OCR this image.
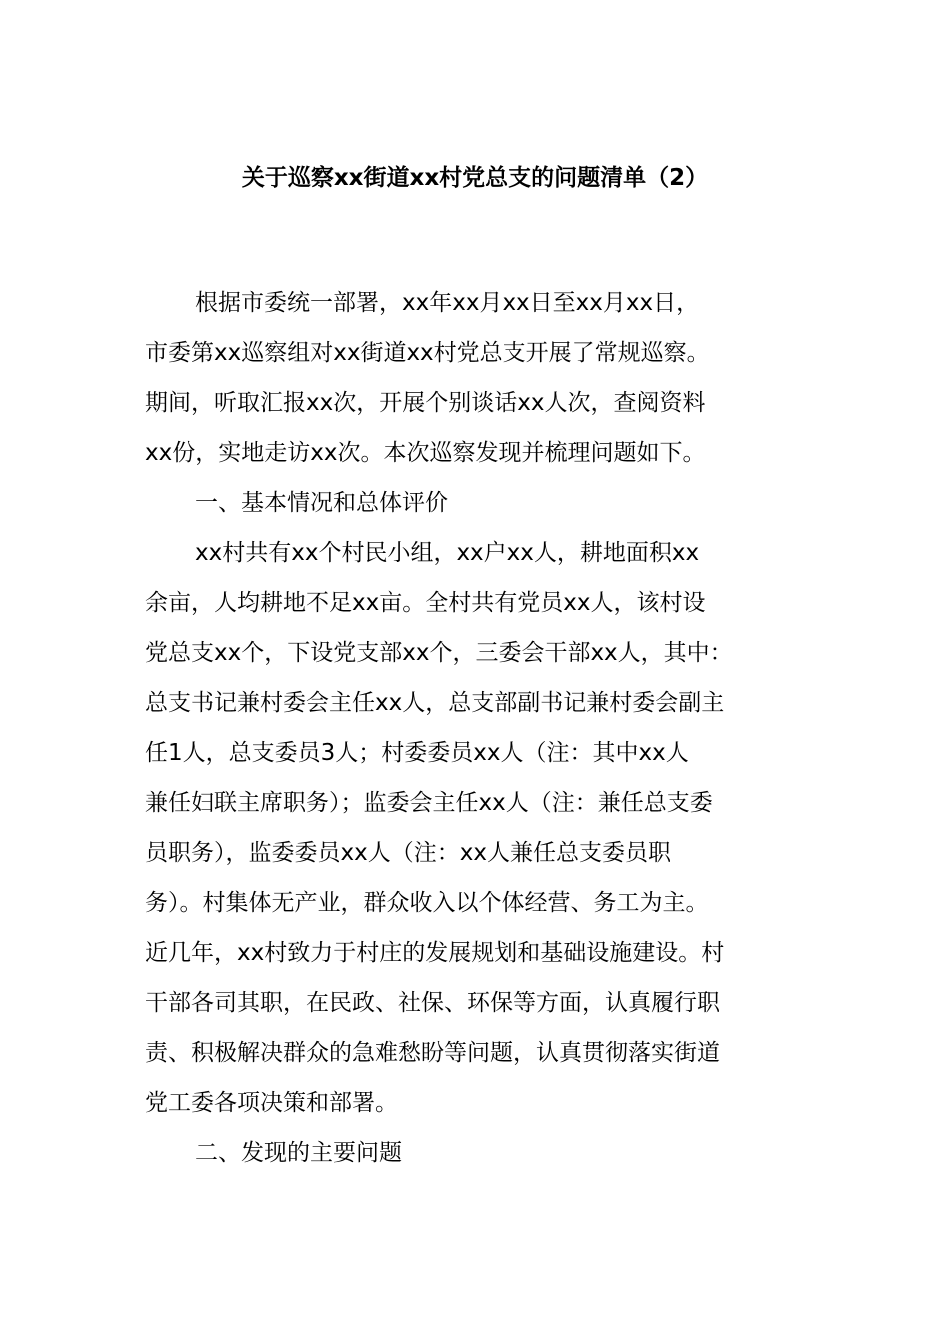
关于巡察xx街道xx村党总支的问题清单（2）
根据市委统一部署，xx年xx月xx日至xx月xx日，
市委第xx巡察组对xx街道xx村党总支开展了常规巡察。
期间，听取汇报xx次，开展个别谈话xx人次，查阅资料
xx份，实地走访xx次。本次巡察发现并梳理问题如下。
一、基本情况和总体评价
xx村共有xx个村民小组，xx户xx人，耕地面积xx
余亩，人均耕地不足xx亩。全村共有党员xx人，该村设
党总支xx个，下设党支部xx个，三委会干部xx人，其中：
总支书记兼村委会主任xx人，总支部副书记兼村委会副主
任1人，总支委员3人；村委委员xx人（注：其中xx人
兼任妇联主席职务）；监委会主任xx人（注：兼任总支委
员职务），监委委员xx人（注：xx人兼任总支委员职
务）。村集体无产业，群众收入以个体经营、务工为主。
近几年，xx村致力于村庄的发展规划和基础设施建设。村
干部各司其职，在民政、社保、环保等方面，认真履行职
责、积极解决群众的急难愁盼等问题，认真贯彻落实街道
党工委各项决策和部署。
二、发现的主要问题
